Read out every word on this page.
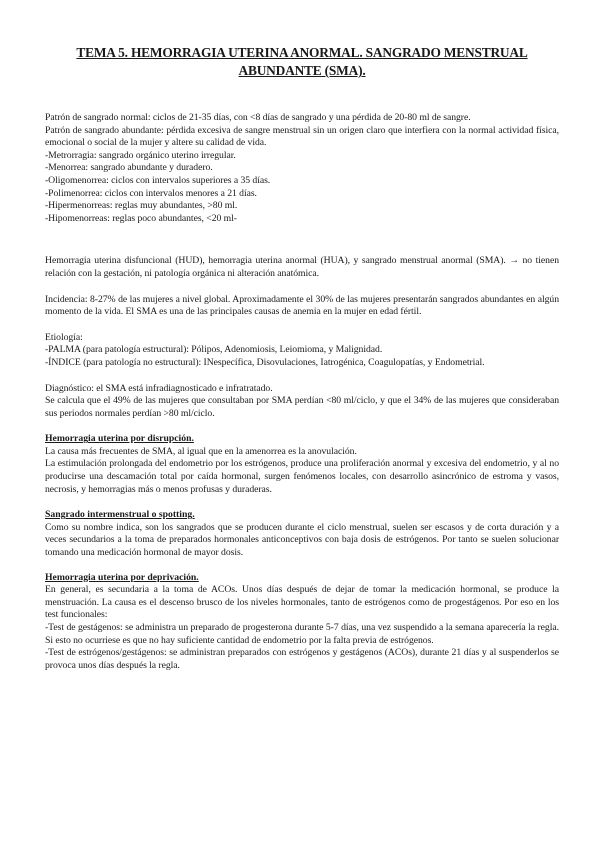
TEMA 5. HEMORRAGIA UTERINA ANORMAL. SANGRADO MENSTRUAL
ABUNDANTE (SMA).

Patrón de sangrado normal: ciclos de 21-35 días, con <8 días de sangrado y una pérdida de 20-80 ml de sangre.

Patrón de sangrado abundante: pérdida excesiva de sangre menstrual sin un origen claro que interfiera con la normal actividad física, emocional o social de la mujer y altere su calidad de vida.

-Metrorragia: sangrado orgánico uterino irregular.

-Menorrea: sangrado abundante y duradero.

-Oligomenorrea: ciclos con intervalos superiores a 35 días.

-Polimenorrea: ciclos con intervalos menores a 21 días.

-Hipermenorreas: reglas muy abundantes, >80 ml.

-Hipomenorreas: reglas poco abundantes, <20 ml-

Hemorragia uterina disfuncional (HUD), hemorragia uterina anormal (HUA), y sangrado menstrual anormal (SMA). → no tienen relación con la gestación, ni patología orgánica ni alteración anatómica.

Incidencia: 8-27% de las mujeres a nivel global. Aproximadamente el 30% de las mujeres presentarán sangrados abundantes en algún momento de la vida. El SMA es una de las principales causas de anemia en la mujer en edad fértil.

Etiología:

-PALMA (para patología estructural): Pólipos, Adenomiosis, Leiomioma, y Malignidad.

-ÍNDICE (para patología no estructural): INespecífica, Disovulaciones, Iatrogénica, Coagulopatías, y Endometrial.

Diagnóstico: el SMA está infradiagnosticado e infratratado.

Se calcula que el 49% de las mujeres que consultaban por SMA perdían <80 ml/ciclo, y que el 34% de las mujeres que consideraban sus periodos normales perdían >80 ml/ciclo.

Hemorragia uterina por disrupción.

La causa más frecuentes de SMA, al igual que en la amenorrea es la anovulación.

La estimulación prolongada del endometrio por los estrógenos, produce una proliferación anormal y excesiva del endometrio, y al no producirse una descamación total por caída hormonal, surgen fenómenos locales, con desarrollo asincrónico de estroma y vasos, necrosis, y hemorragias más o menos profusas y duraderas.

Sangrado intermenstrual o spotting.

Como su nombre indica, son los sangrados que se producen durante el ciclo menstrual, suelen ser escasos y de corta duración y a veces secundarios a la toma de preparados hormonales anticonceptivos con baja dosis de estrógenos. Por tanto se suelen solucionar tomando una medicación hormonal de mayor dosis.

Hemorragia uterina por deprivación.

En general, es secundaria a la toma de ACOs. Unos días después de dejar de tomar la medicación hormonal, se produce la menstruación. La causa es el descenso brusco de los niveles hormonales, tanto de estrógenos como de progestágenos. Por eso en los test funcionales:

-Test de gestágenos: se administra un preparado de progesterona durante 5-7 días, una vez suspendido a la semana aparecería la regla. Si esto no ocurriese es que no hay suficiente cantidad de endometrio por la falta previa de estrógenos.

-Test de estrógenos/gestágenos: se administran preparados con estrógenos y gestágenos (ACOs), durante 21 días y al suspenderlos se provoca unos días después la regla.
